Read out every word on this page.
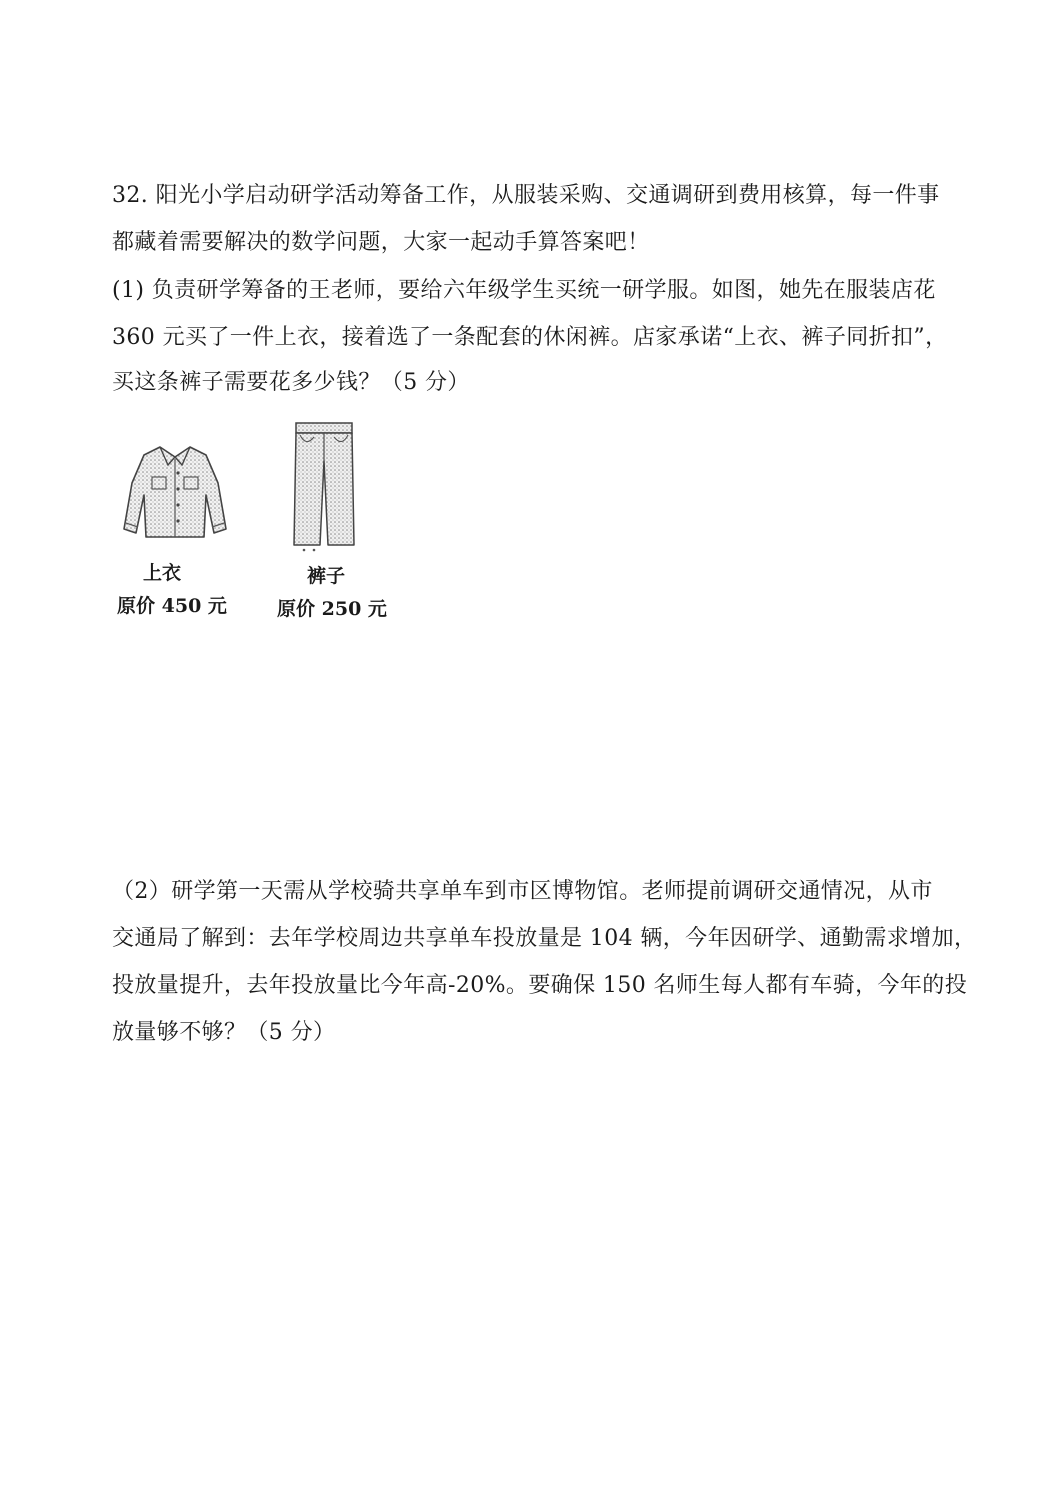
32. 阳光小学启动研学活动筹备工作，从服装采购、交通调研到费用核算，每一件事
都藏着需要解决的数学问题，大家一起动手算答案吧！
(1) 负责研学筹备的王老师，要给六年级学生买统一研学服。如图，她先在服装店花
360 元买了一件上衣，接着选了一条配套的休闲裤。店家承诺“上衣、裤子同折扣”，
买这条裤子需要花多少钱？（5 分）
上衣
原价 450 元
裤子
原价 250 元
（2）研学第一天需从学校骑共享单车到市区博物馆。老师提前调研交通情况，从市
交通局了解到：去年学校周边共享单车投放量是 104 辆，今年因研学、通勤需求增加，
投放量提升，去年投放量比今年高-20%。要确保 150 名师生每人都有车骑，今年的投
放量够不够？（5 分）
